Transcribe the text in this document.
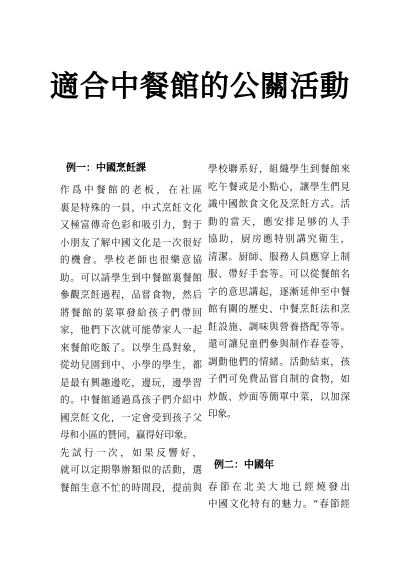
適合中餐館的公關活動
例一：中國烹飪課
作爲中餐館的老板，在社區
裏是特殊的一員，中式烹飪文化
又極富傳奇色彩和吸引力，對于
小朋友了解中國文化是一次很好
的機會。學校老師也很樂意協
助。可以請學生到中餐館裏餐館
參觀烹飪過程，品嘗食物，然后
將餐館的菜單發給孩子們帶回
家，他們下次就可能帶家人一起
來餐館吃飯了。以學生爲對象，
從幼兒園到中、小學的學生，都
是最有興趣邊吃，邊玩，邊學習
的。中餐館通過爲孩子們介紹中
國烹飪文化，一定會受到孩子父
母和小區的贊同，贏得好印象。
先試行一次，如果反響好，
就可以定期舉辦類似的活動，選
餐館生意不忙的時間段，提前與
學校聯系好，組織學生到餐館來
吃午餐或是小點心，讓學生們見
識中國飲食文化及烹飪方式。活
動的當天，應安排足够的人手
協助，厨房應特别講究衛生，
清潔。厨師、服務人員應穿上制
服、帶好手套等。可以從餐館名
字的意思講起，逐漸延伸至中餐
館有關的歷史、中餐烹飪法和烹
飪設施、調味與營養搭配等等。
還可讓兒童們參與制作春卷等，
調動他們的情緒。活動結束，孩
子們可免費品嘗自制的食物，如
炒飯、炒面等簡單中菜，以加深
印象。
例二：中國年
春節在北美大地已經燒發出
中國文化特有的魅力。“春節經
